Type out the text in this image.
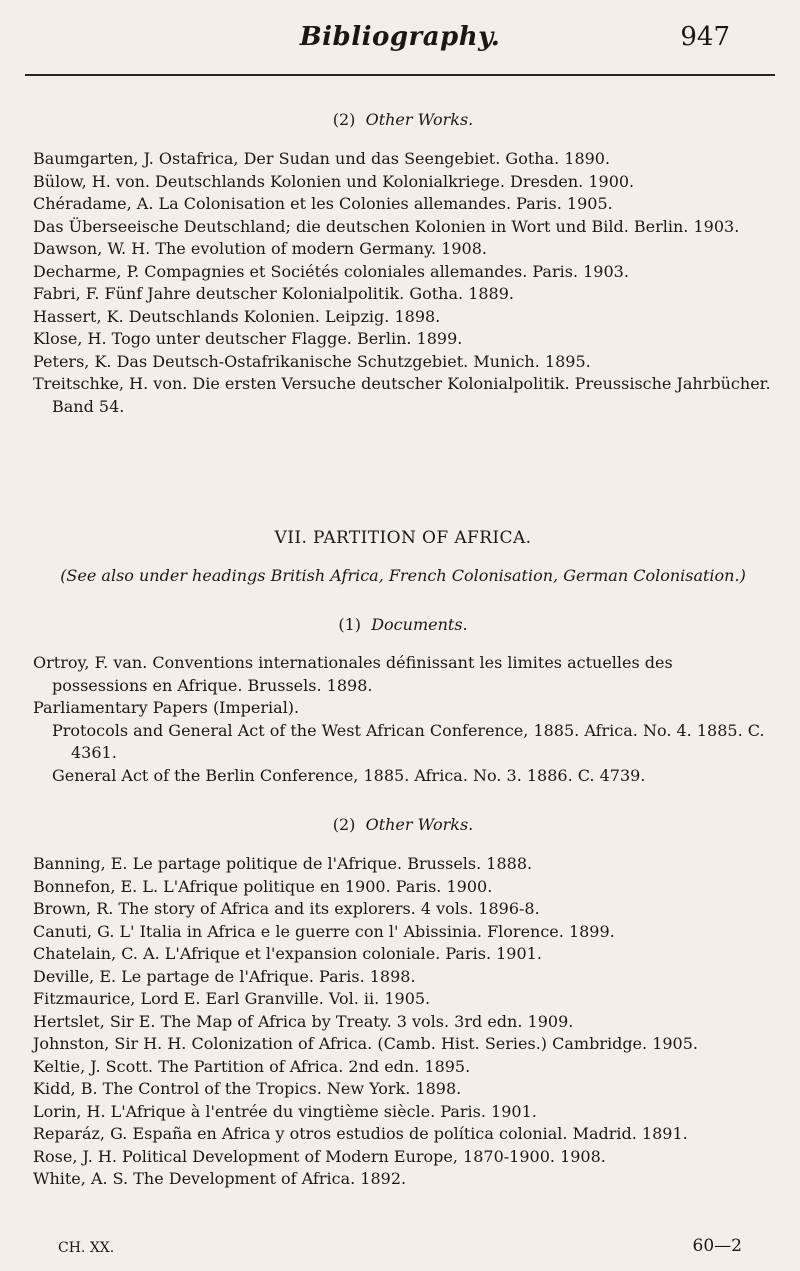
Bibliography.	947
(2) Other Works.

Baumgarten, J. Ostafrica, Der Sudan und das Seengebiet. Gotha. 1890.

Bülow, H. von. Deutschlands Kolonien und Kolonialkriege. Dresden. 1900.

Chéradame, A. La Colonisation et les Colonies allemandes. Paris. 1905.

Das Überseeische Deutschland; die deutschen Kolonien in Wort und Bild. Berlin. 1903.

Dawson, W. H. The evolution of modern Germany. 1908.

Decharme, P. Compagnies et Sociétés coloniales allemandes. Paris. 1903.

Fabri, F. Fünf Jahre deutscher Kolonialpolitik. Gotha. 1889.

Hassert, K. Deutschlands Kolonien. Leipzig. 1898.

Klose, H. Togo unter deutscher Flagge. Berlin. 1899.

Peters, K. Das Deutsch-Ostafrikanische Schutzgebiet. Munich. 1895.

Treitschke, H. von. Die ersten Versuche deutscher Kolonialpolitik. Preussische Jahrbücher. Band 54.

VII. PARTITION OF AFRICA.
(See also under headings British Africa, French Colonisation, German Colonisation.)
(1) Documents.

Ortroy, F. van. Conventions internationales définissant les limites actuelles des possessions en Afrique. Brussels. 1898.

Parliamentary Papers (Imperial).

Protocols and General Act of the West African Conference, 1885. Africa. No. 4. 1885. C. 4361.

General Act of the Berlin Conference, 1885. Africa. No. 3. 1886. C. 4739.

(2) Other Works.

Banning, E. Le partage politique de l'Afrique. Brussels. 1888.

Bonnefon, E. L. L'Afrique politique en 1900. Paris. 1900.

Brown, R. The story of Africa and its explorers. 4 vols. 1896-8.

Canuti, G. L' Italia in Africa e le guerre con l' Abissinia. Florence. 1899.

Chatelain, C. A. L'Afrique et l'expansion coloniale. Paris. 1901.

Deville, E. Le partage de l'Afrique. Paris. 1898.

Fitzmaurice, Lord E. Earl Granville. Vol. ii. 1905.

Hertslet, Sir E. The Map of Africa by Treaty. 3 vols. 3rd edn. 1909.

Johnston, Sir H. H. Colonization of Africa. (Camb. Hist. Series.) Cambridge. 1905.

Keltie, J. Scott. The Partition of Africa. 2nd edn. 1895.

Kidd, B. The Control of the Tropics. New York. 1898.

Lorin, H. L'Afrique à l'entrée du vingtième siècle. Paris. 1901.

Reparáz, G. España en Africa y otros estudios de política colonial. Madrid. 1891.

Rose, J. H. Political Development of Modern Europe, 1870-1900. 1908.

White, A. S. The Development of Africa. 1892.

CH. XX.	60—2
